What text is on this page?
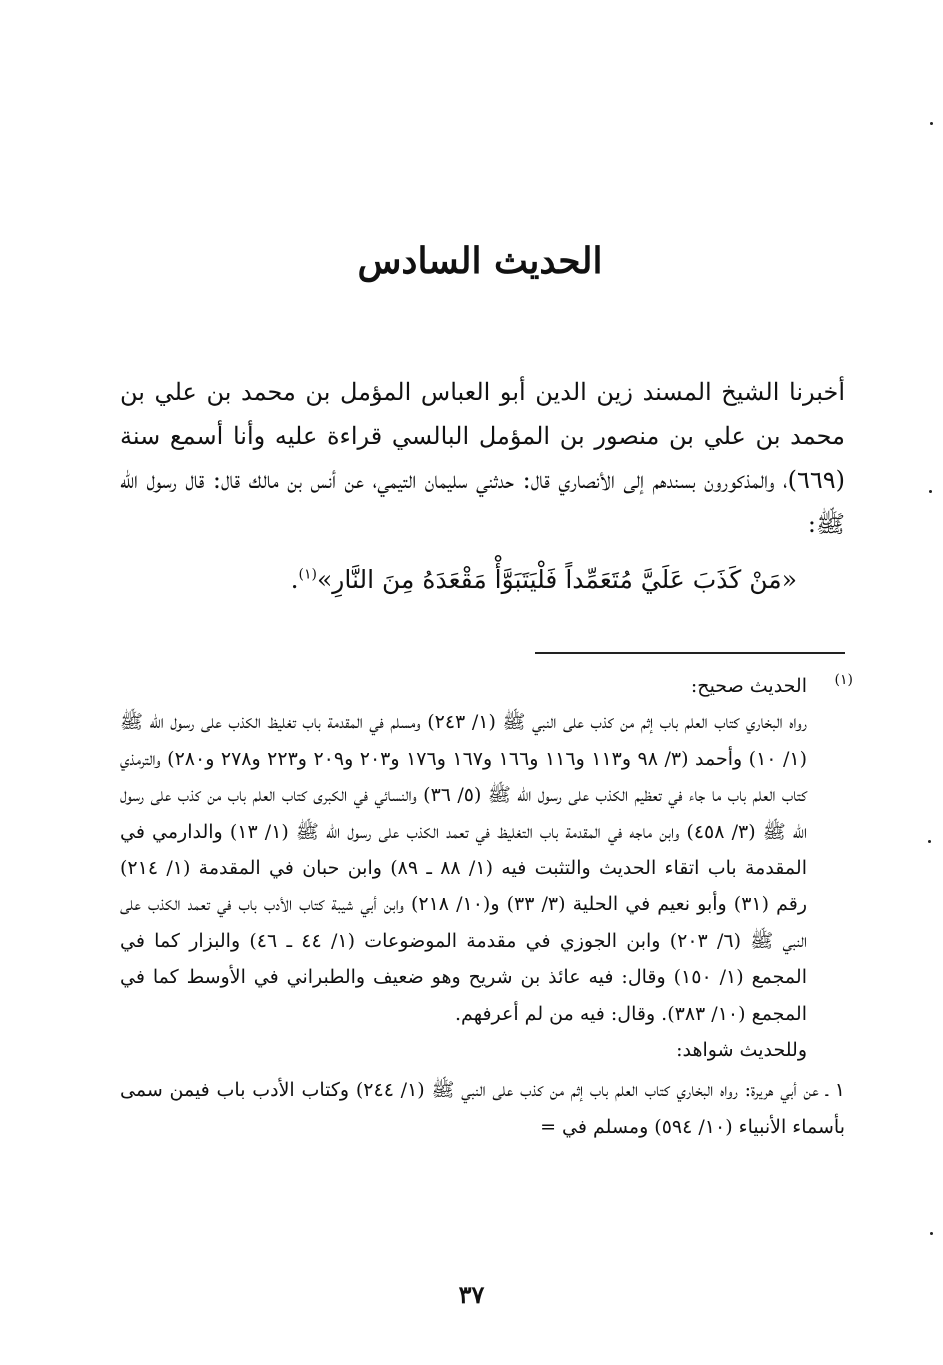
الحديث السادس

أخبرنا الشيخ المسند زين الدين أبو العباس المؤمل بن محمد بن علي بن محمد بن علي بن منصور بن المؤمل البالسي قراءة عليه وأنا أسمع سنة (٦٦٩)، والمذكورون بسندهم إلى الأنصاري قال: حدثني سليمان التيمي، عن أنس بن مالك قال: قال رسول الله ﷺ:

«مَنْ كَذَبَ عَلَيَّ مُتَعَمِّداً فَلْيَتَبَوَّأْ مَقْعَدَهُ مِنَ النَّارِ»$^{(١)}$.

(١)
الحديث صحيح:

رواه البخاري كتاب العلم باب إثم من كذب على النبي ﷺ (١/ ٢٤٣) ومسلم في المقدمة باب تغليظ الكذب على رسول الله ﷺ (١/ ١٠) وأحمد (٣/ ٩٨ و١١٣ و١١٦ و١٦٦ و١٦٧ و١٧٦ و٢٠٣ و٢٠٩ و٢٢٣ و٢٧٨ و٢٨٠) والترمذي كتاب العلم باب ما جاء في تعظيم الكذب على رسول الله ﷺ (٥/ ٣٦) والنسائي في الكبرى كتاب العلم باب من كذب على رسول الله ﷺ (٣/ ٤٥٨) وابن ماجه في المقدمة باب التغليظ في تعمد الكذب على رسول الله ﷺ (١/ ١٣) والدارمي في المقدمة باب اتقاء الحديث والتثبت فيه (١/ ٨٨ ـ ٨٩) وابن حبان في المقدمة (١/ ٢١٤) رقم (٣١) وأبو نعيم في الحلية (٣/ ٣٣) و(١٠/ ٢١٨) وابن أبي شيبة كتاب الأدب باب في تعمد الكذب على النبي ﷺ (٦/ ٢٠٣) وابن الجوزي في مقدمة الموضوعات (١/ ٤٤ ـ ٤٦) والبزار كما في المجمع (١/ ١٥٠) وقال: فيه عائذ بن شريح وهو ضعيف والطبراني في الأوسط كما في المجمع (١٠/ ٣٨٣). وقال: فيه من لم أعرفهم.

وللحديث شواهد:

١ ـ عن أبي هريرة: رواه البخاري كتاب العلم باب إثم من كذب على النبي ﷺ (١/ ٢٤٤) وكتاب الأدب باب فيمن سمى بأسماء الأنبياء (١٠/ ٥٩٤) ومسلم في =

٣٧
